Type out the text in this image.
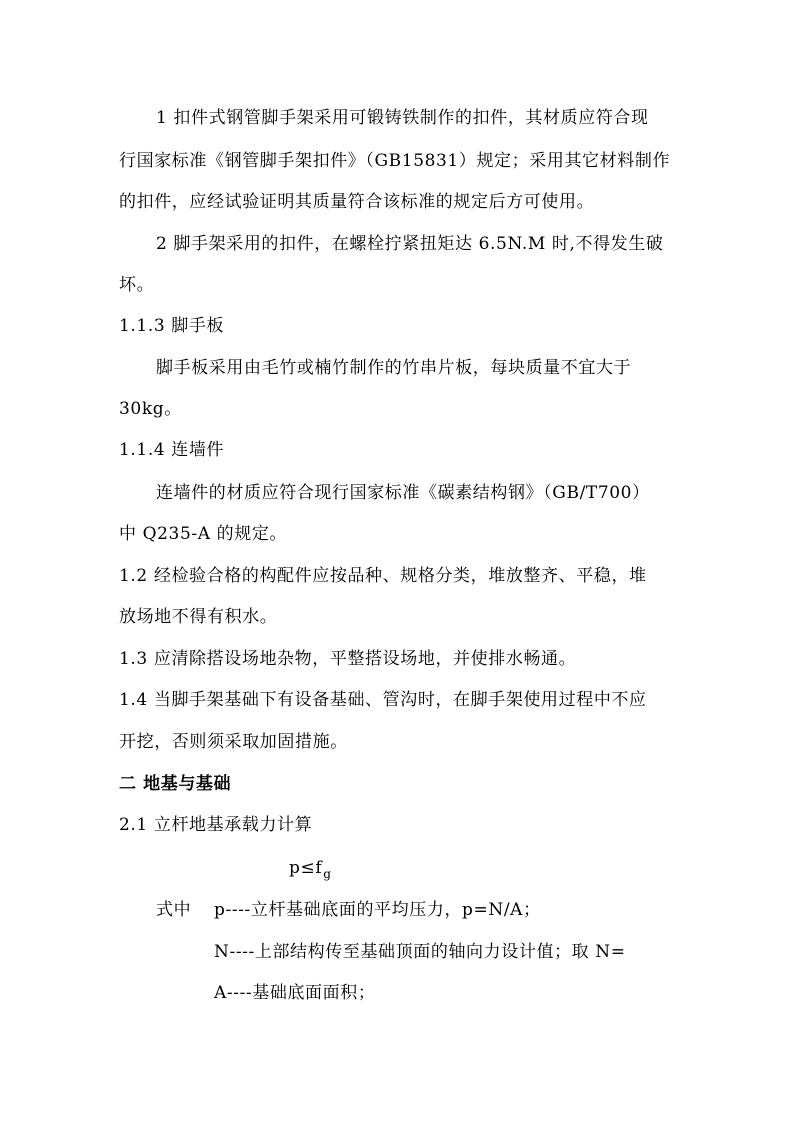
1 扣件式钢管脚手架采用可锻铸铁制作的扣件，其材质应符合现
行国家标准《钢管脚手架扣件》（GB15831）规定；采用其它材料制作
的扣件，应经试验证明其质量符合该标准的规定后方可使用。
2 脚手架采用的扣件，在螺栓拧紧扭矩达 6.5N.M 时,不得发生破
坏。
1.1.3 脚手板
脚手板采用由毛竹或楠竹制作的竹串片板，每块质量不宜大于
30kg。
1.1.4 连墙件
连墙件的材质应符合现行国家标准《碳素结构钢》（GB/T700）
中 Q235-A 的规定。
1.2 经检验合格的构配件应按品种、规格分类，堆放整齐、平稳，堆
放场地不得有积水。
1.3 应清除搭设场地杂物，平整搭设场地，并使排水畅通。
1.4 当脚手架基础下有设备基础、管沟时，在脚手架使用过程中不应
开挖，否则须采取加固措施。
二 地基与基础
2.1 立杆地基承载力计算
$p\le f_g$
式中 p----立杆基础底面的平均压力，p=N/A；
N----上部结构传至基础顶面的轴向力设计值；取 N=
A----基础底面面积；
